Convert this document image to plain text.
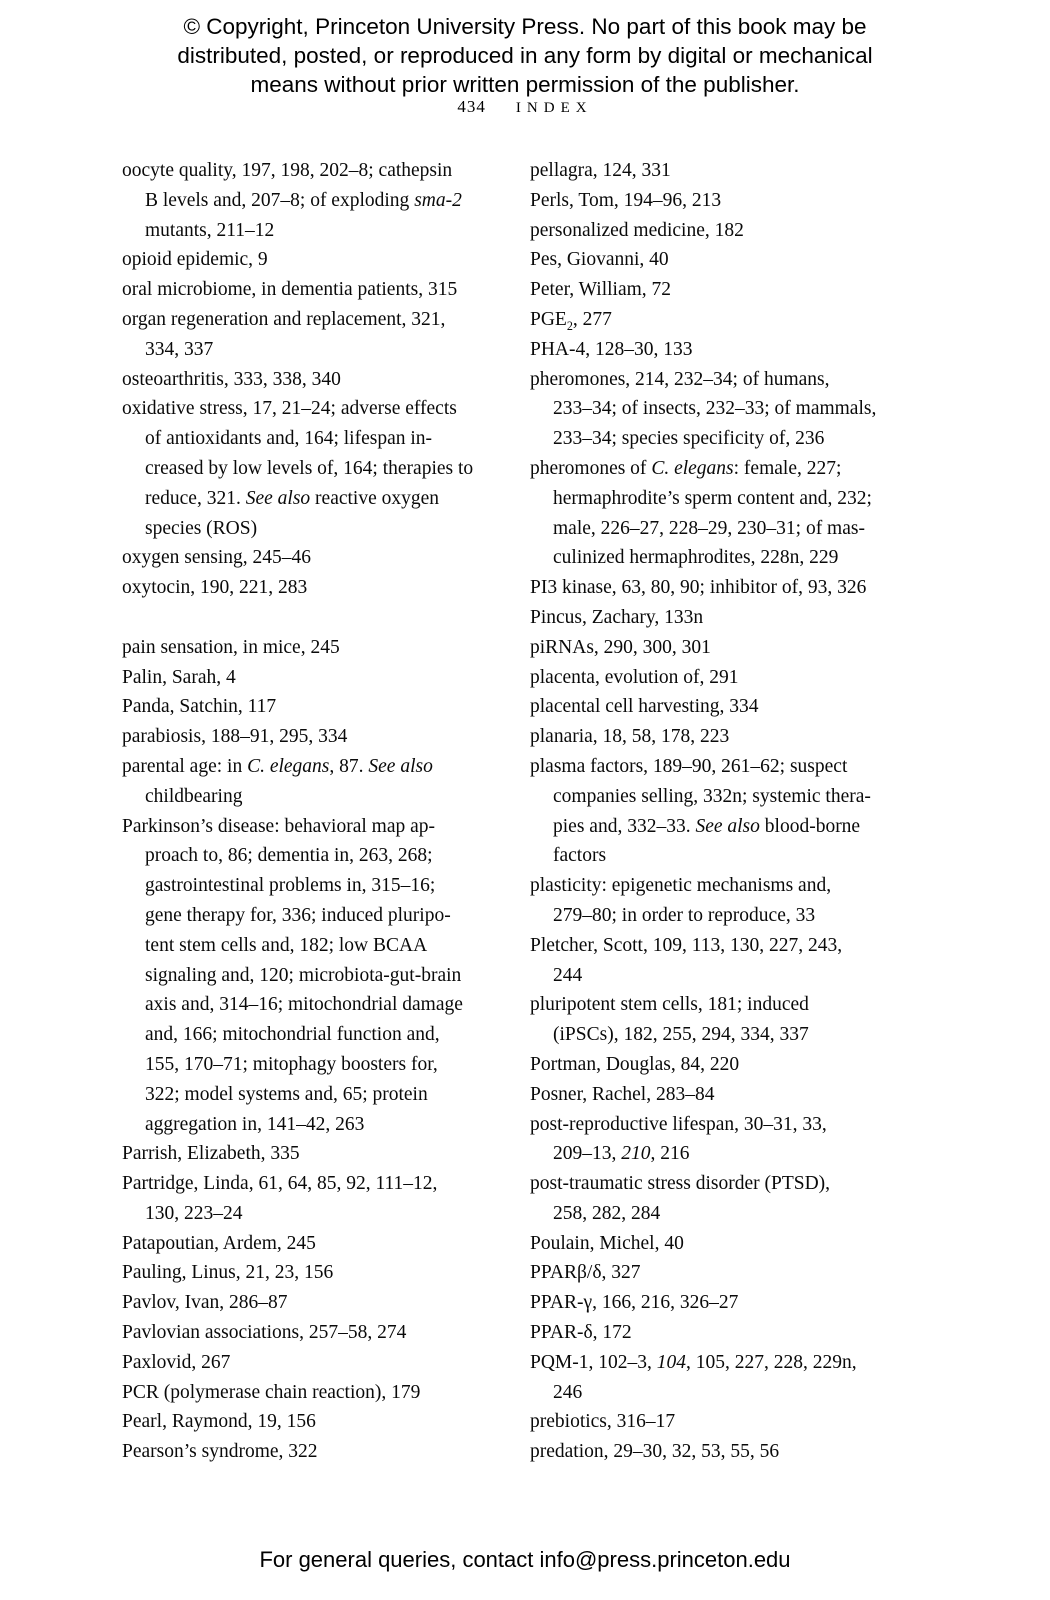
© Copyright, Princeton University Press. No part of this book may be
distributed, posted, or reproduced in any form by digital or mechanical
means without prior written permission of the publisher.
434 INDEX
oocyte quality, 197, 198, 202–8; cathepsin
B levels and, 207–8; of exploding sma-2
mutants, 211–12
opioid epidemic, 9
oral microbiome, in dementia patients, 315
organ regeneration and replacement, 321,
334, 337
osteoarthritis, 333, 338, 340
oxidative stress, 17, 21–24; adverse effects
of antioxidants and, 164; lifespan in-
creased by low levels of, 164; therapies to
reduce, 321. See also reactive oxygen
species (ROS)
oxygen sensing, 245–46
oxytocin, 190, 221, 283
pain sensation, in mice, 245
Palin, Sarah, 4
Panda, Satchin, 117
parabiosis, 188–91, 295, 334
parental age: in C. elegans, 87. See also
childbearing
Parkinson’s disease: behavioral map ap-
proach to, 86; dementia in, 263, 268;
gastrointestinal problems in, 315–16;
gene therapy for, 336; induced pluripo-
tent stem cells and, 182; low BCAA
signaling and, 120; microbiota-gut-brain
axis and, 314–16; mitochondrial damage
and, 166; mitochondrial function and,
155, 170–71; mitophagy boosters for,
322; model systems and, 65; protein
aggregation in, 141–42, 263
Parrish, Elizabeth, 335
Partridge, Linda, 61, 64, 85, 92, 111–12,
130, 223–24
Patapoutian, Ardem, 245
Pauling, Linus, 21, 23, 156
Pavlov, Ivan, 286–87
Pavlovian associations, 257–58, 274
Paxlovid, 267
PCR (polymerase chain reaction), 179
Pearl, Raymond, 19, 156
Pearson’s syndrome, 322
pellagra, 124, 331
Perls, Tom, 194–96, 213
personalized medicine, 182
Pes, Giovanni, 40
Peter, William, 72
$PGE_2$, 277
PHA-4, 128–30, 133
pheromones, 214, 232–34; of humans,
233–34; of insects, 232–33; of mammals,
233–34; species specificity of, 236
pheromones of C. elegans: female, 227;
hermaphrodite’s sperm content and, 232;
male, 226–27, 228–29, 230–31; of mas-
culinized hermaphrodites, 228n, 229
PI3 kinase, 63, 80, 90; inhibitor of, 93, 326
Pincus, Zachary, 133n
piRNAs, 290, 300, 301
placenta, evolution of, 291
placental cell harvesting, 334
planaria, 18, 58, 178, 223
plasma factors, 189–90, 261–62; suspect
companies selling, 332n; systemic thera-
pies and, 332–33. See also blood-borne
factors
plasticity: epigenetic mechanisms and,
279–80; in order to reproduce, 33
Pletcher, Scott, 109, 113, 130, 227, 243,
244
pluripotent stem cells, 181; induced
(iPSCs), 182, 255, 294, 334, 337
Portman, Douglas, 84, 220
Posner, Rachel, 283–84
post-reproductive lifespan, 30–31, 33,
209–13, 210, 216
post-traumatic stress disorder (PTSD),
258, 282, 284
Poulain, Michel, 40
PPARβ/δ, 327
PPAR-γ, 166, 216, 326–27
PPAR-δ, 172
PQM-1, 102–3, 104, 105, 227, 228, 229n,
246
prebiotics, 316–17
predation, 29–30, 32, 53, 55, 56
For general queries, contact info@press.princeton.edu
